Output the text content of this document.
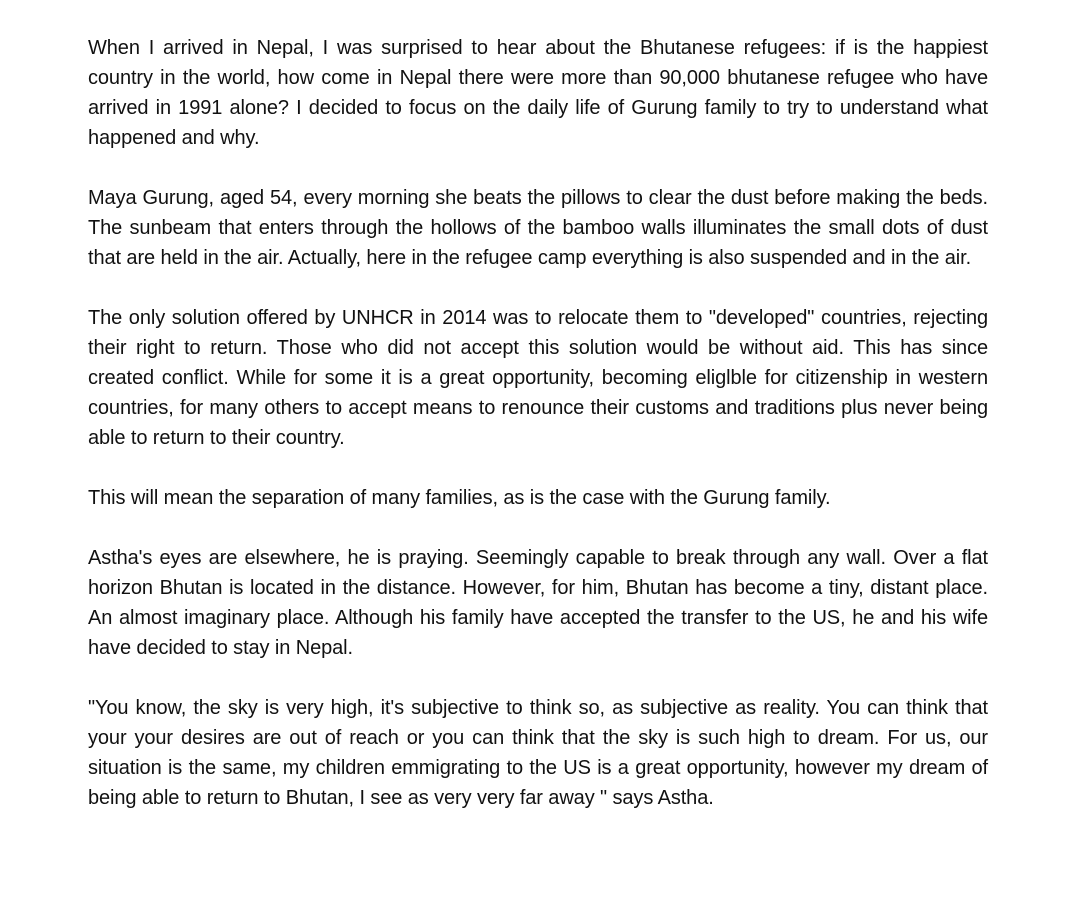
When I arrived in Nepal, I was surprised to hear about the Bhutanese refugees: if is the happiest country in the world, how come in Nepal there were more than 90,000 bhutanese refugee who have arrived in 1991 alone? I decided to focus on the daily life of Gurung family to try to understand what happened and why.

Maya Gurung, aged 54, every morning she beats the pillows to clear the dust before making the beds. The sunbeam that enters through the hollows of the bamboo walls illuminates the small dots of dust that are held in the air. Actually, here in the refugee camp everything is also suspended and in the air.

The only solution offered by UNHCR in 2014 was to relocate them to "developed" countries, rejecting their right to return. Those who did not accept this solution would be without aid. This has since created conflict. While for some it is a great opportunity, becoming eliglble for citizenship in western countries, for many others to accept means to renounce their customs and traditions plus never being able to return to their country.

This will mean the separation of many families, as is the case with the Gurung family.

Astha's eyes are elsewhere, he is praying. Seemingly capable to break through any wall. Over a flat horizon Bhutan is located in the distance. However, for him, Bhutan has become a tiny, distant place. An almost imaginary place. Although his family have accepted the transfer to the US, he and his wife have decided to stay in Nepal.

"You know, the sky is very high, it's subjective to think so, as subjective as reality. You can think that your your desires are out of reach or you can think that the sky is such high to dream. For us, our situation is the same, my children emmigrating to the US is a great opportunity, however my dream of being able to return to Bhutan, I see as very very far away " says Astha.
